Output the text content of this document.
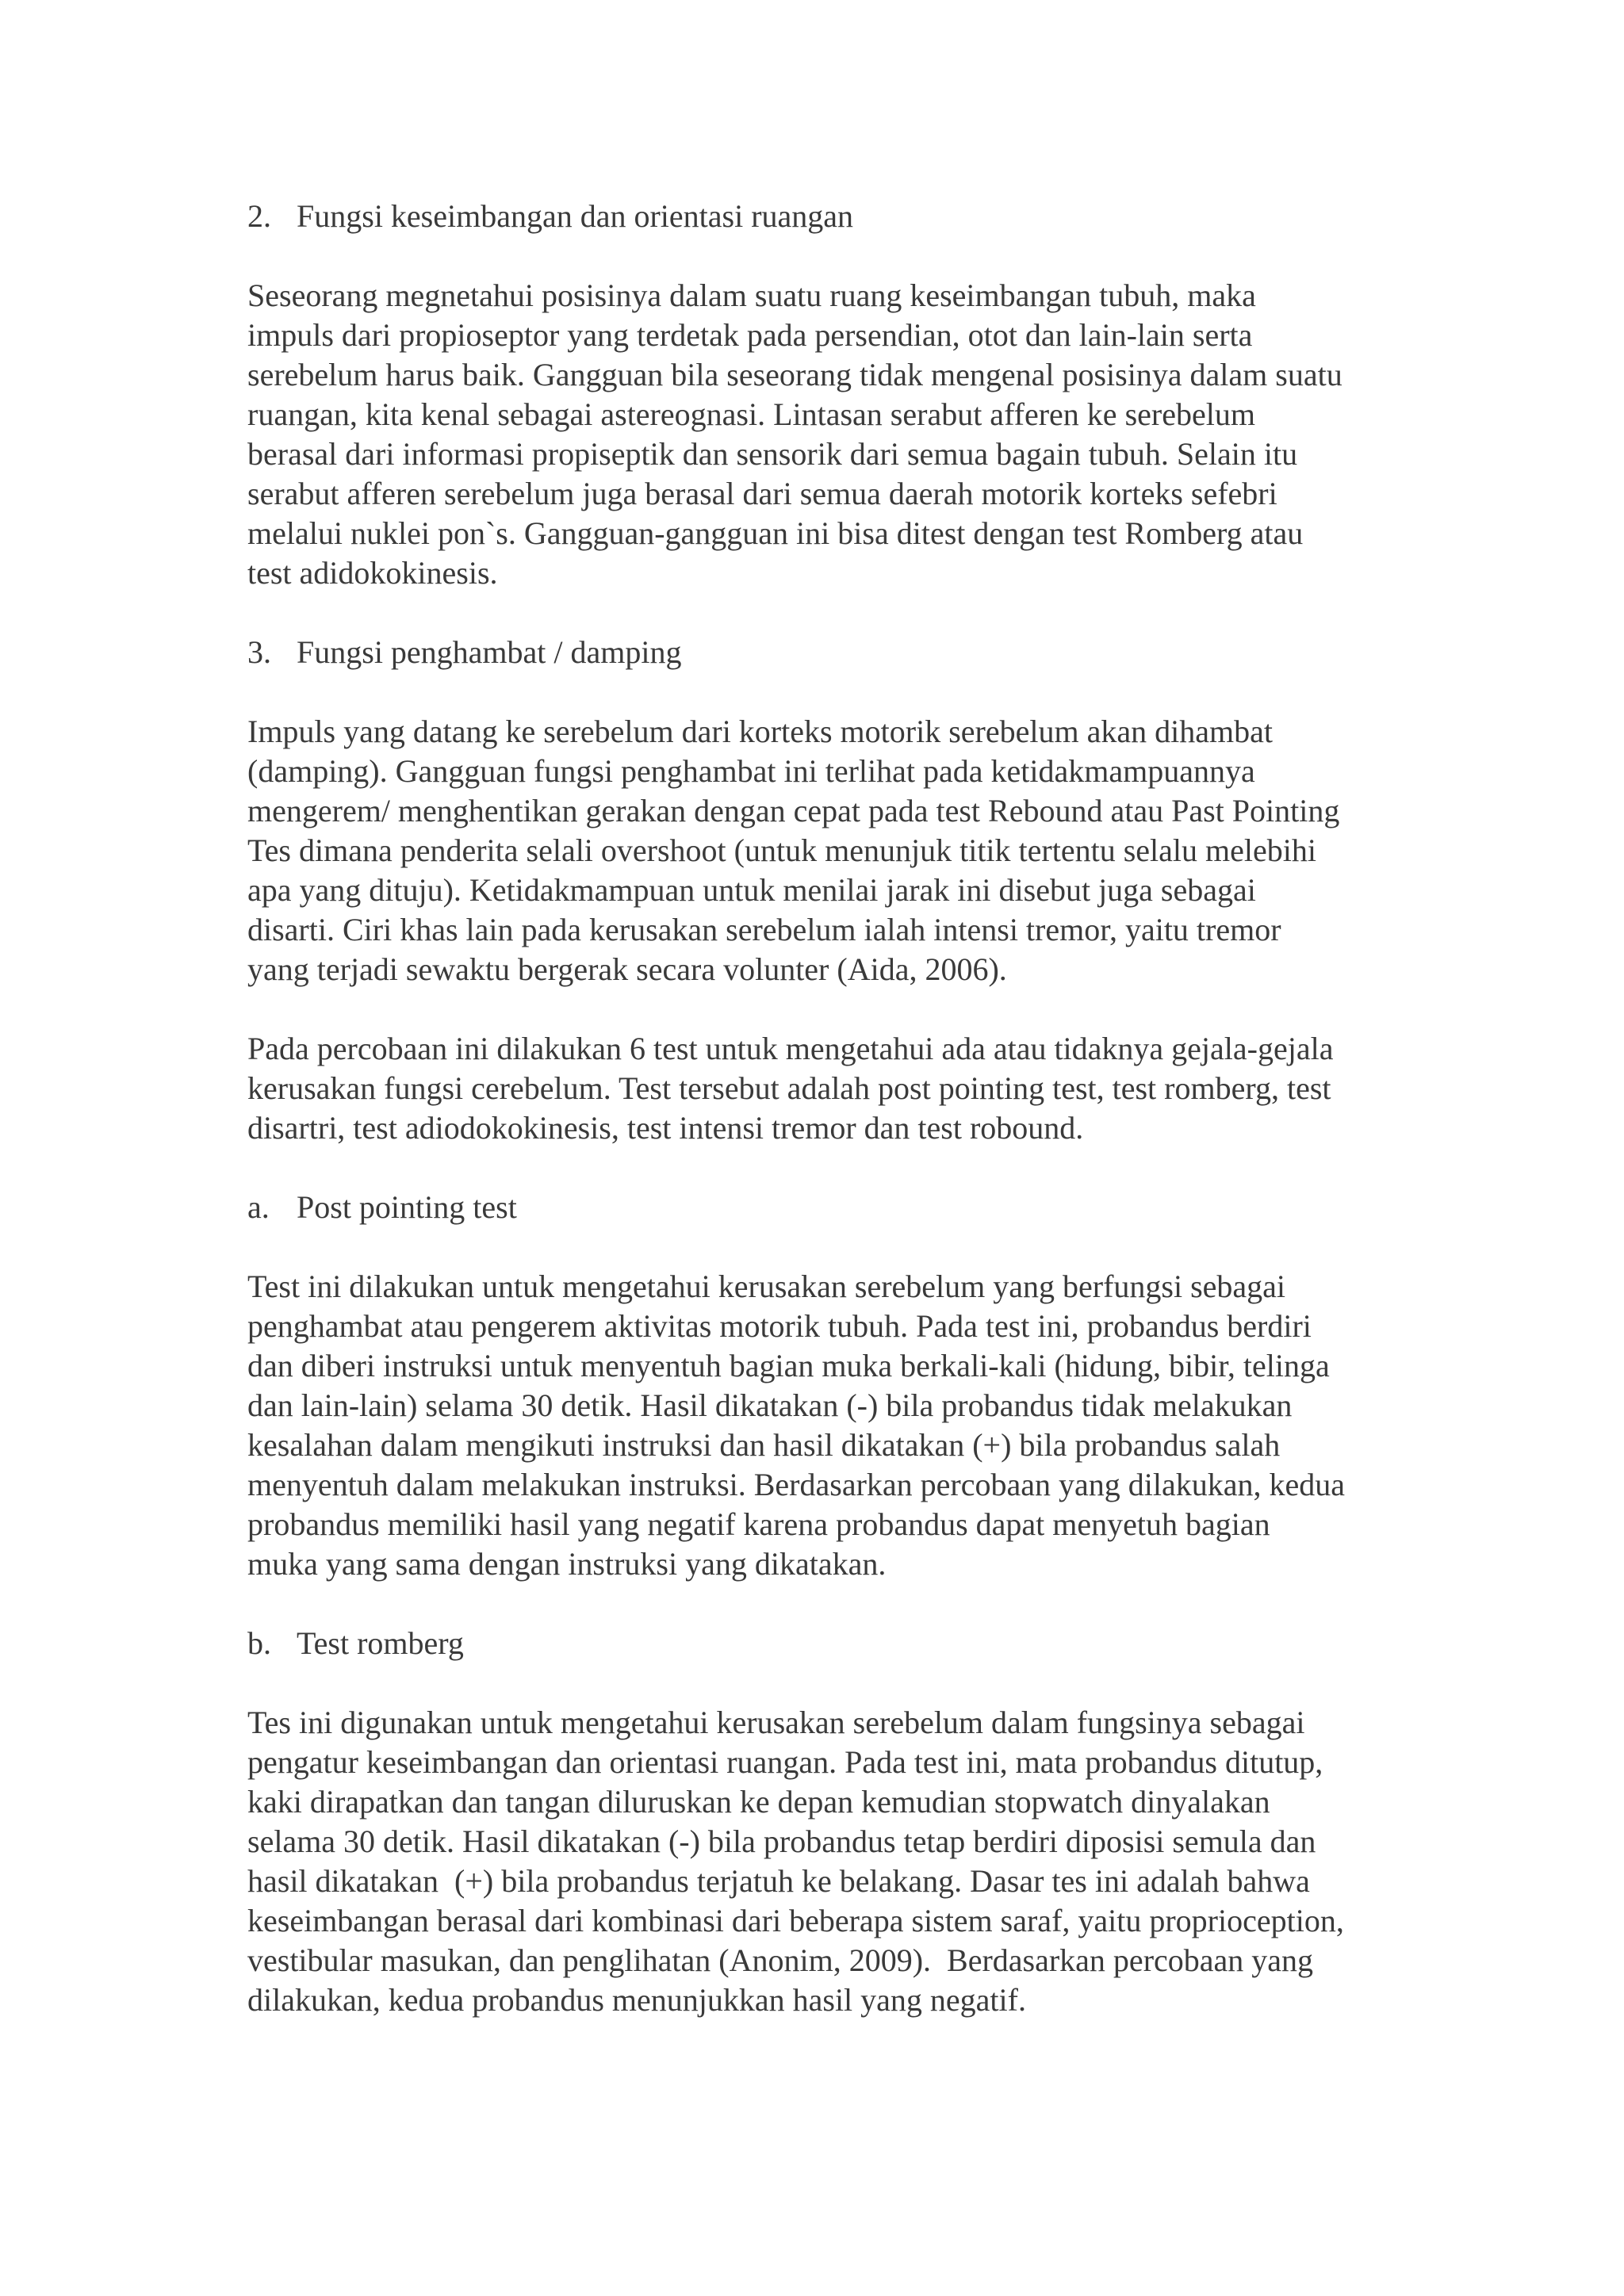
2. Fungsi keseimbangan dan orientasi ruangan
Seseorang megnetahui posisinya dalam suatu ruang keseimbangan tubuh, maka
impuls dari propioseptor yang terdetak pada persendian, otot dan lain-lain serta
serebelum harus baik. Gangguan bila seseorang tidak mengenal posisinya dalam suatu
ruangan, kita kenal sebagai astereognasi. Lintasan serabut afferen ke serebelum
berasal dari informasi propiseptik dan sensorik dari semua bagain tubuh. Selain itu
serabut afferen serebelum juga berasal dari semua daerah motorik korteks sefebri
melalui nuklei pon`s. Gangguan-gangguan ini bisa ditest dengan test Romberg atau
test adidokokinesis.
3. Fungsi penghambat / damping
Impuls yang datang ke serebelum dari korteks motorik serebelum akan dihambat
(damping). Gangguan fungsi penghambat ini terlihat pada ketidakmampuannya
mengerem/ menghentikan gerakan dengan cepat pada test Rebound atau Past Pointing
Tes dimana penderita selali overshoot (untuk menunjuk titik tertentu selalu melebihi
apa yang dituju). Ketidakmampuan untuk menilai jarak ini disebut juga sebagai
disarti. Ciri khas lain pada kerusakan serebelum ialah intensi tremor, yaitu tremor
yang terjadi sewaktu bergerak secara volunter (Aida, 2006).
Pada percobaan ini dilakukan 6 test untuk mengetahui ada atau tidaknya gejala-gejala
kerusakan fungsi cerebelum. Test tersebut adalah post pointing test, test romberg, test
disartri, test adiodokokinesis, test intensi tremor dan test robound.
a. Post pointing test
Test ini dilakukan untuk mengetahui kerusakan serebelum yang berfungsi sebagai
penghambat atau pengerem aktivitas motorik tubuh. Pada test ini, probandus berdiri
dan diberi instruksi untuk menyentuh bagian muka berkali-kali (hidung, bibir, telinga
dan lain-lain) selama 30 detik. Hasil dikatakan (-) bila probandus tidak melakukan
kesalahan dalam mengikuti instruksi dan hasil dikatakan (+) bila probandus salah
menyentuh dalam melakukan instruksi. Berdasarkan percobaan yang dilakukan, kedua
probandus memiliki hasil yang negatif karena probandus dapat menyetuh bagian
muka yang sama dengan instruksi yang dikatakan.
b. Test romberg
Tes ini digunakan untuk mengetahui kerusakan serebelum dalam fungsinya sebagai
pengatur keseimbangan dan orientasi ruangan. Pada test ini, mata probandus ditutup,
kaki dirapatkan dan tangan diluruskan ke depan kemudian stopwatch dinyalakan
selama 30 detik. Hasil dikatakan (-) bila probandus tetap berdiri diposisi semula dan
hasil dikatakan  (+) bila probandus terjatuh ke belakang. Dasar tes ini adalah bahwa
keseimbangan berasal dari kombinasi dari beberapa sistem saraf, yaitu proprioception,
vestibular masukan, dan penglihatan (Anonim, 2009).  Berdasarkan percobaan yang
dilakukan, kedua probandus menunjukkan hasil yang negatif.
